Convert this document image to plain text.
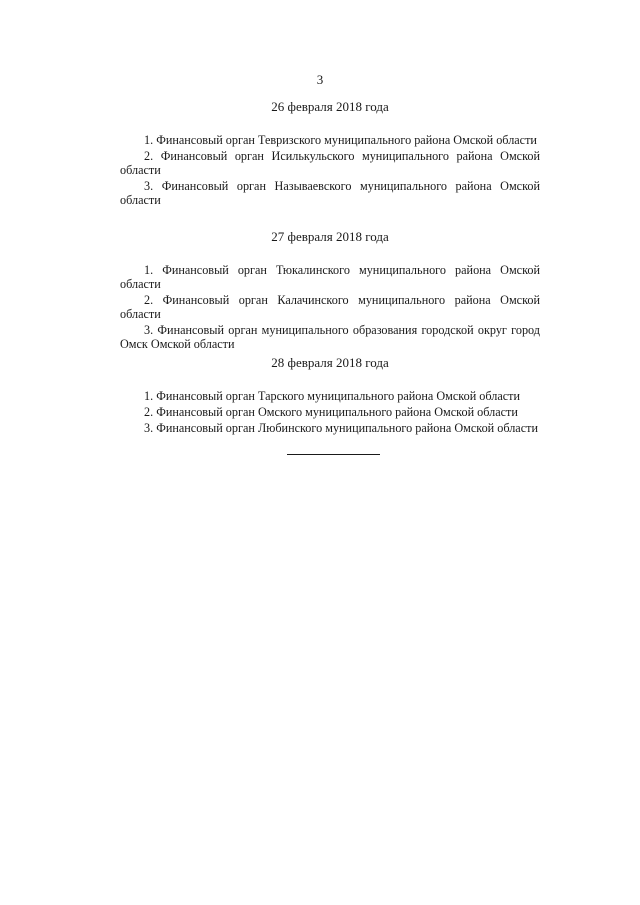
3
26 февраля 2018 года

1. Финансовый орган Тевризского муниципального района Омской области

2. Финансовый орган Исилькульского муниципального района Омской области

3. Финансовый орган Называевского муниципального района Омской области

27 февраля 2018 года

1. Финансовый орган Тюкалинского муниципального района Омской области

2. Финансовый орган Калачинского муниципального района Омской области

3. Финансовый орган муниципального образования городской округ город Омск Омской области

28 февраля 2018 года

1. Финансовый орган Тарского муниципального района Омской области

2. Финансовый орган Омского муниципального района Омской области

3. Финансовый орган Любинского муниципального района Омской области
